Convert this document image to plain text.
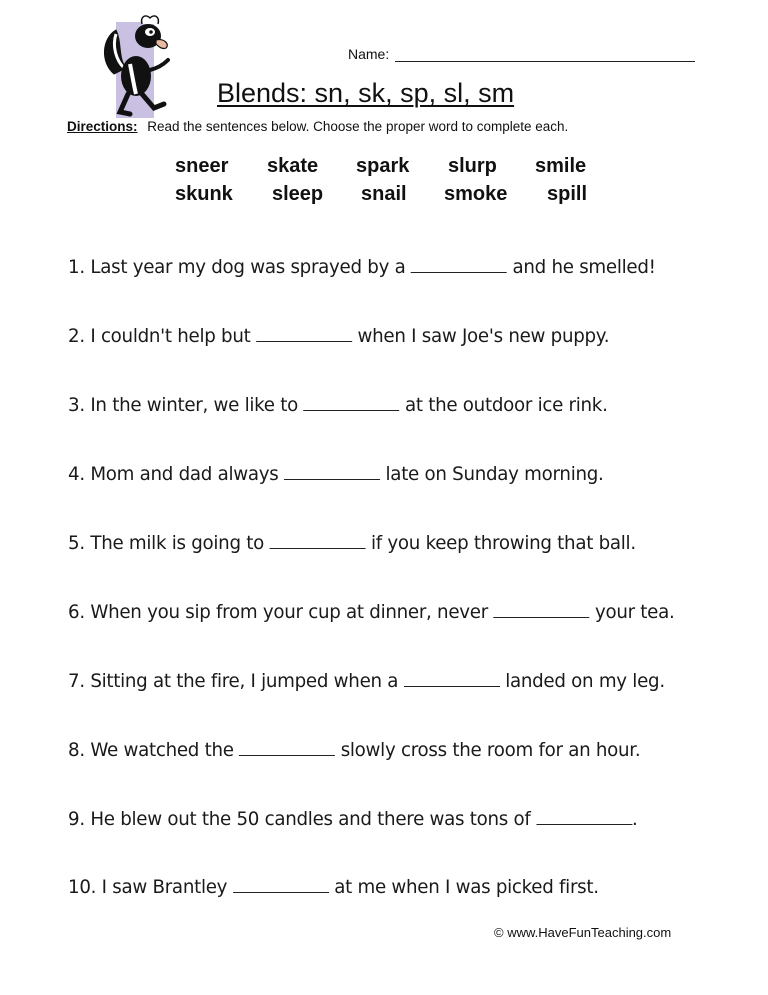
Name:
Blends: sn, sk, sp, sl, sm
Directions: Read the sentences below. Choose the proper word to complete each.
sneer skate spark slurp smile
skunk sleep snail smoke spill
1. Last year my dog was sprayed by a	and he smelled!
2. I couldn't help but	when I saw Joe's new puppy.
3. In the winter, we like to	at the outdoor ice rink.
4. Mom and dad always	late on Sunday morning.
5. The milk is going to	if you keep throwing that ball.
6. When you sip from your cup at dinner, never	your tea.
7. Sitting at the fire, I jumped when a	landed on my leg.
8. We watched the	slowly cross the room for an hour.
9. He blew out the 50 candles and there was tons of	.
10. I saw Brantley	at me when I was picked first.
© www.HaveFunTeaching.com
